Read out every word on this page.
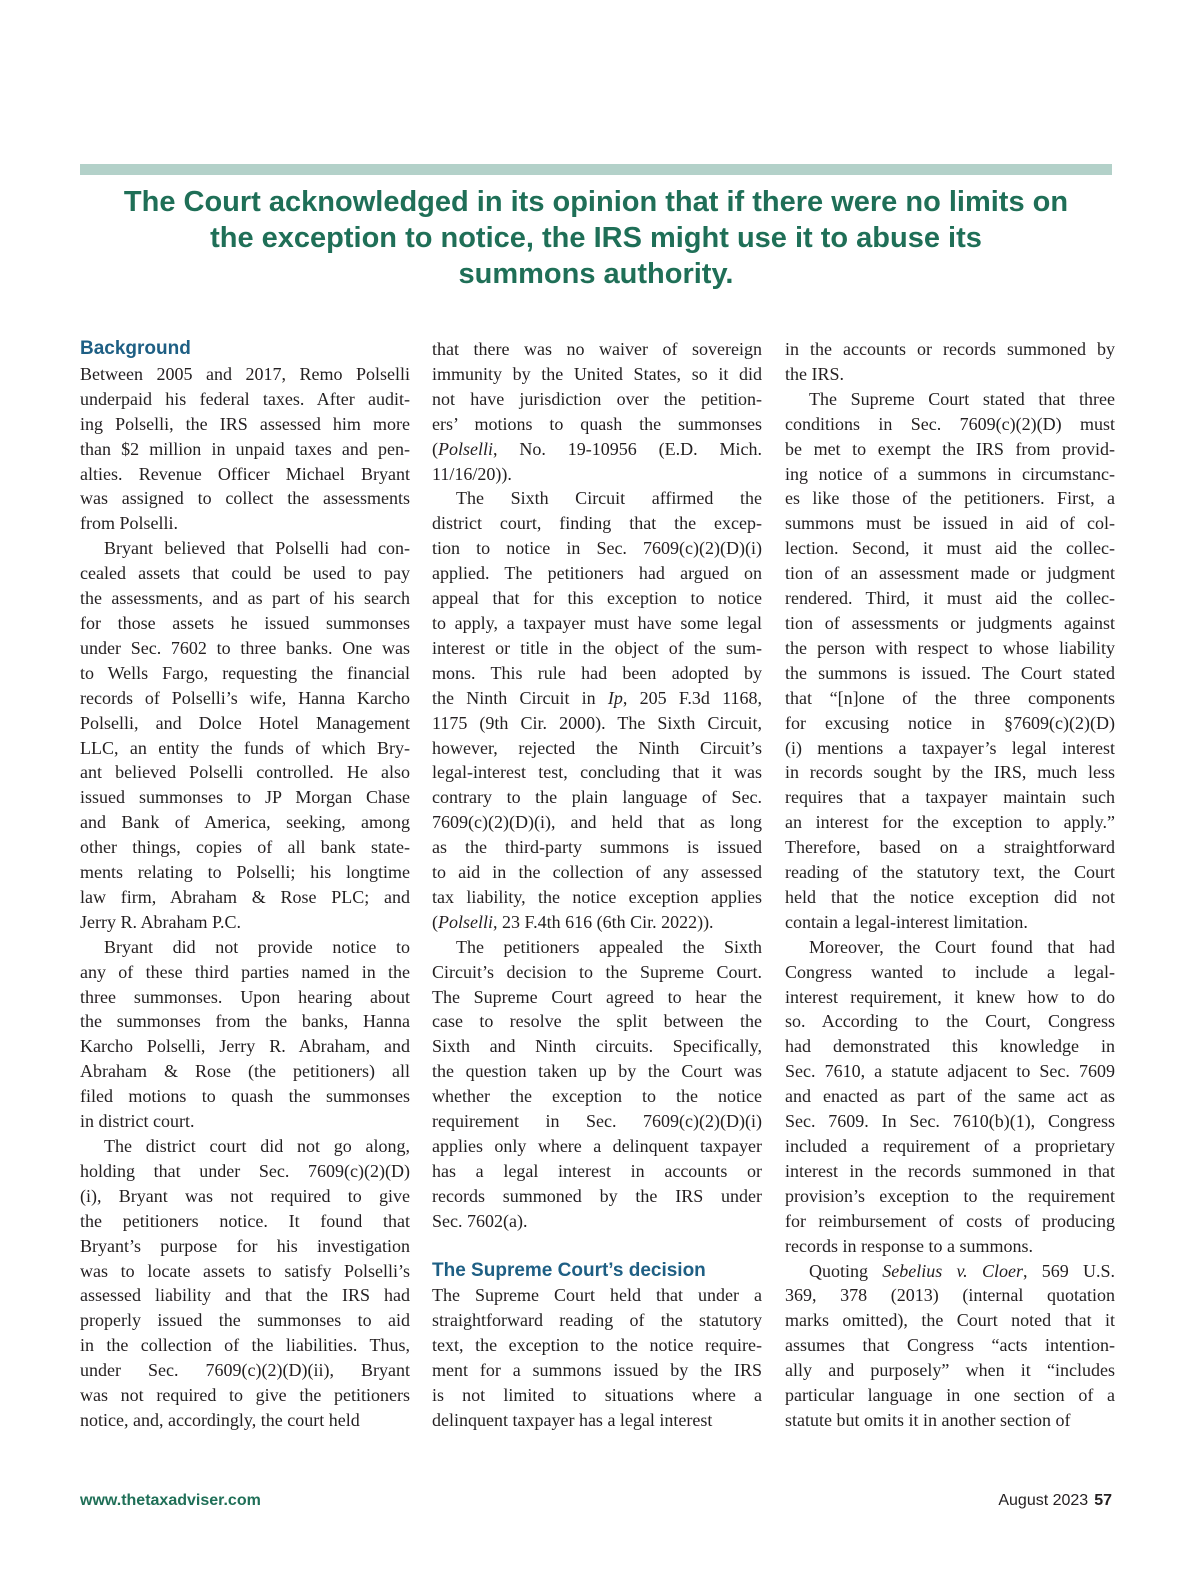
The Court acknowledged in its opinion that if there were no limits on
the exception to notice, the IRS might use it to abuse its
summons authority.
Background
Between 2005 and 2017, Remo Polselli
underpaid his federal taxes. After audit-
ing Polselli, the IRS assessed him more
than $2 million in unpaid taxes and pen-
alties. Revenue Officer Michael Bryant
was assigned to collect the assessments
from Polselli.
Bryant believed that Polselli had con-
cealed assets that could be used to pay
the assessments, and as part of his search
for those assets he issued summonses
under Sec. 7602 to three banks. One was
to Wells Fargo, requesting the financial
records of Polselli’s wife, Hanna Karcho
Polselli, and Dolce Hotel Management
LLC, an entity the funds of which Bry-
ant believed Polselli controlled. He also
issued summonses to JP Morgan Chase
and Bank of America, seeking, among
other things, copies of all bank state-
ments relating to Polselli; his longtime
law firm, Abraham & Rose PLC; and
Jerry R. Abraham P.C.
Bryant did not provide notice to
any of these third parties named in the
three summonses. Upon hearing about
the summonses from the banks, Hanna
Karcho Polselli, Jerry R. Abraham, and
Abraham & Rose (the petitioners) all
filed motions to quash the summonses
in district court.
The district court did not go along,
holding that under Sec. 7609(c)(2)(D)
(i), Bryant was not required to give
the petitioners notice. It found that
Bryant’s purpose for his investigation
was to locate assets to satisfy Polselli’s
assessed liability and that the IRS had
properly issued the summonses to aid
in the collection of the liabilities. Thus,
under Sec. 7609(c)(2)(D)(ii), Bryant
was not required to give the petitioners
notice, and, accordingly, the court held
that there was no waiver of sovereign
immunity by the United States, so it did
not have jurisdiction over the petition-
ers’ motions to quash the summonses
(Polselli, No. 19-10956 (E.D. Mich.
11/16/20)).
The Sixth Circuit affirmed the
district court, finding that the excep-
tion to notice in Sec. 7609(c)(2)(D)(i)
applied. The petitioners had argued on
appeal that for this exception to notice
to apply, a taxpayer must have some legal
interest or title in the object of the sum-
mons. This rule had been adopted by
the Ninth Circuit in Ip, 205 F.3d 1168,
1175 (9th Cir. 2000). The Sixth Circuit,
however, rejected the Ninth Circuit’s
legal-interest test, concluding that it was
contrary to the plain language of Sec.
7609(c)(2)(D)(i), and held that as long
as the third-party summons is issued
to aid in the collection of any assessed
tax liability, the notice exception applies
(Polselli, 23 F.4th 616 (6th Cir. 2022)).
The petitioners appealed the Sixth
Circuit’s decision to the Supreme Court.
The Supreme Court agreed to hear the
case to resolve the split between the
Sixth and Ninth circuits. Specifically,
the question taken up by the Court was
whether the exception to the notice
requirement in Sec. 7609(c)(2)(D)(i)
applies only where a delinquent taxpayer
has a legal interest in accounts or
records summoned by the IRS under
Sec. 7602(a).
The Supreme Court’s decision
The Supreme Court held that under a
straightforward reading of the statutory
text, the exception to the notice require-
ment for a summons issued by the IRS
is not limited to situations where a
delinquent taxpayer has a legal interest
in the accounts or records summoned by
the IRS.
The Supreme Court stated that three
conditions in Sec. 7609(c)(2)(D) must
be met to exempt the IRS from provid-
ing notice of a summons in circumstanc-
es like those of the petitioners. First, a
summons must be issued in aid of col-
lection. Second, it must aid the collec-
tion of an assessment made or judgment
rendered. Third, it must aid the collec-
tion of assessments or judgments against
the person with respect to whose liability
the summons is issued. The Court stated
that “[n]one of the three components
for excusing notice in §7609(c)(2)(D)
(i) mentions a taxpayer’s legal interest
in records sought by the IRS, much less
requires that a taxpayer maintain such
an interest for the exception to apply.”
Therefore, based on a straightforward
reading of the statutory text, the Court
held that the notice exception did not
contain a legal-interest limitation.
Moreover, the Court found that had
Congress wanted to include a legal-
interest requirement, it knew how to do
so. According to the Court, Congress
had demonstrated this knowledge in
Sec. 7610, a statute adjacent to Sec. 7609
and enacted as part of the same act as
Sec. 7609. In Sec. 7610(b)(1), Congress
included a requirement of a proprietary
interest in the records summoned in that
provision’s exception to the requirement
for reimbursement of costs of producing
records in response to a summons.
Quoting Sebelius v. Cloer, 569 U.S.
369, 378 (2013) (internal quotation
marks omitted), the Court noted that it
assumes that Congress “acts intention-
ally and purposely” when it “includes
particular language in one section of a
statute but omits it in another section of
www.thetaxadviser.com	August 2023 57
